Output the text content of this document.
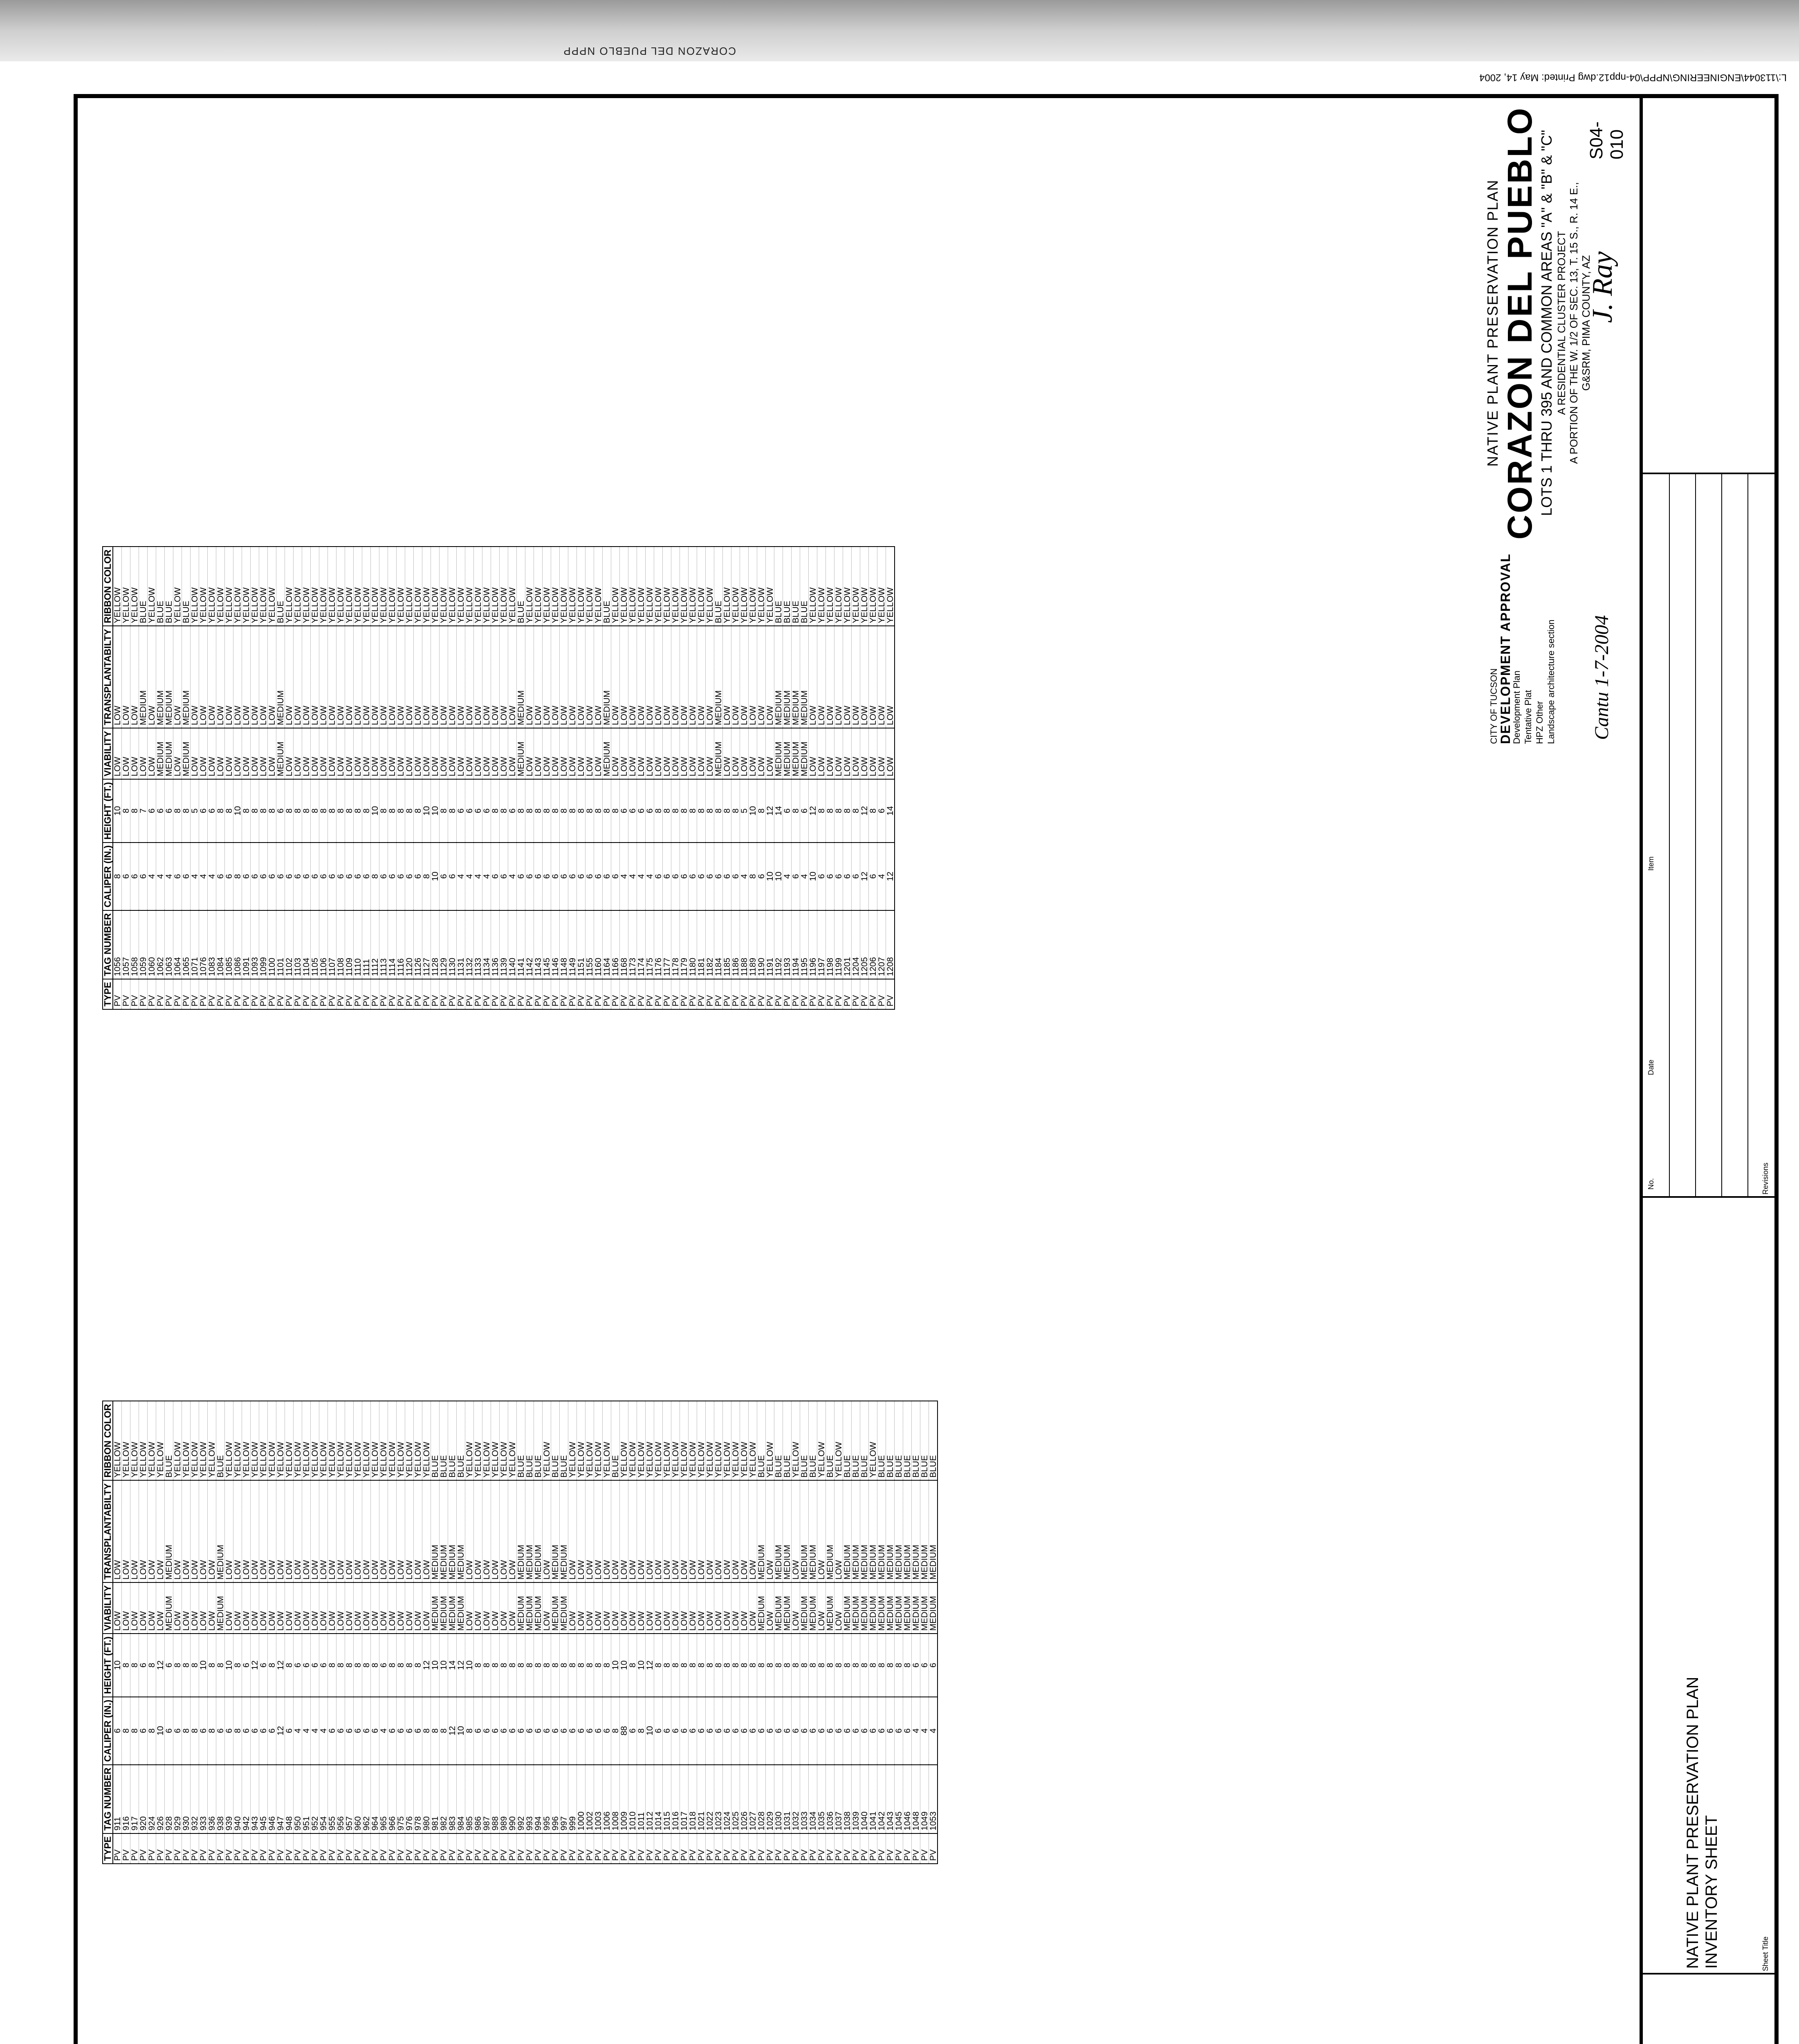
CORAZON DEL PUEBLO NPPP
L:\113044\ENGINEERING\NPPP\04-npp12.dwg Printed: May 14, 2004

TYPE	TAG NUMBER	CALIPER (IN.)	HEIGHT (FT.)	VIABILITY	TRANSPLANTABILTY	RIBBON COLOR
PV	911	6	10	LOW	LOW	YELLOW
PV	916	8	8	LOW	LOW	YELLOW
PV	917	8	8	LOW	LOW	YELLOW
PV	920	6	6	LOW	LOW	YELLOW
PV	924	8	8	LOW	LOW	YELLOW
PV	926	10	12	LOW	LOW	YELLOW
PV	928	6	6	MEDIUM	MEDIUM	BLUE
PV	929	6	8	LOW	LOW	YELLOW
PV	930	8	8	LOW	LOW	YELLOW
PV	932	8	8	LOW	LOW	YELLOW
PV	933	6	10	LOW	LOW	YELLOW
PV	936	8	8	LOW	LOW	YELLOW
PV	938	6	8	MEDIUM	MEDIUM	BLUE
PV	939	6	10	LOW	LOW	YELLOW
PV	940	8	8	LOW	LOW	YELLOW
PV	942	6	6	LOW	LOW	YELLOW
PV	943	6	12	LOW	LOW	YELLOW
PV	945	6	6	LOW	LOW	YELLOW
PV	946	6	8	LOW	LOW	YELLOW
PV	947	12	12	LOW	LOW	YELLOW
PV	948	6	8	LOW	LOW	YELLOW
PV	950	4	6	LOW	LOW	YELLOW
PV	951	4	6	LOW	LOW	YELLOW
PV	952	4	6	LOW	LOW	YELLOW
PV	954	4	6	LOW	LOW	YELLOW
PV	955	6	8	LOW	LOW	YELLOW
PV	956	6	8	LOW	LOW	YELLOW
PV	957	6	8	LOW	LOW	YELLOW
PV	960	6	8	LOW	LOW	YELLOW
PV	962	6	8	LOW	LOW	YELLOW
PV	964	6	8	LOW	LOW	YELLOW
PV	965	4	6	LOW	LOW	YELLOW
PV	966	6	8	LOW	LOW	YELLOW
PV	975	6	8	LOW	LOW	YELLOW
PV	976	6	8	LOW	LOW	YELLOW
PV	978	6	8	LOW	LOW	YELLOW
PV	980	8	12	LOW	LOW	YELLOW
PV	981	8	10	MEDIUM	MEDIUM	BLUE
PV	982	8	10	MEDIUM	MEDIUM	BLUE
PV	983	12	14	MEDIUM	MEDIUM	BLUE
PV	984	10	12	MEDIUM	MEDIUM	BLUE
PV	985	8	10	LOW	LOW	YELLOW
PV	986	6	8	LOW	LOW	YELLOW
PV	987	6	8	LOW	LOW	YELLOW
PV	988	6	8	LOW	LOW	YELLOW
PV	989	6	8	LOW	LOW	YELLOW
PV	990	6	8	LOW	LOW	YELLOW
PV	992	6	8	MEDIUM	MEDIUM	BLUE
PV	993	6	8	MEDIUM	MEDIUM	BLUE
PV	994	6	8	MEDIUM	MEDIUM	BLUE
PV	995	6	8	LOW	LOW	YELLOW
PV	996	6	8	MEDIUM	MEDIUM	BLUE
PV	997	6	8	MEDIUM	MEDIUM	BLUE
PV	999	6	8	LOW	LOW	YELLOW
PV	1000	6	8	LOW	LOW	YELLOW
PV	1002	6	8	LOW	LOW	YELLOW
PV	1003	6	8	LOW	LOW	YELLOW
PV	1006	6	8	LOW	LOW	YELLOW
PV	1008	8	10	LOW	LOW	BLUE
PV	1009	88	10	LOW	LOW	YELLOW
PV	1010	6	8	LOW	LOW	YELLOW
PV	1011	8	10	LOW	LOW	YELLOW
PV	1012	10	12	LOW	LOW	YELLOW
PV	1014	6	8	LOW	LOW	YELLOW
PV	1015	6	8	LOW	LOW	YELLOW
PV	1016	6	8	LOW	LOW	YELLOW
PV	1017	6	8	LOW	LOW	YELLOW
PV	1018	6	8	LOW	LOW	YELLOW
PV	1021	6	8	LOW	LOW	YELLOW
PV	1022	6	8	LOW	LOW	YELLOW
PV	1023	6	8	LOW	LOW	YELLOW
PV	1024	6	8	LOW	LOW	YELLOW
PV	1025	6	8	LOW	LOW	YELLOW
PV	1026	6	8	LOW	LOW	YELLOW
PV	1027	6	8	LOW	LOW	YELLOW
PV	1028	6	8	MEDIUM	MEDIUM	BLUE
PV	1029	6	8	LOW	LOW	YELLOW
PV	1030	6	8	MEDIUM	MEDIUM	BLUE
PV	1031	6	8	MEDIUM	MEDIUM	BLUE
PV	1032	6	8	LOW	LOW	YELLOW
PV	1033	6	8	MEDIUM	MEDIUM	BLUE
PV	1034	6	8	MEDIUM	MEDIUM	BLUE
PV	1035	6	8	LOW	LOW	YELLOW
PV	1036	6	8	MEDIUM	MEDIUM	BLUE
PV	1037	6	8	LOW	LOW	YELLOW
PV	1038	6	8	MEDIUM	MEDIUM	BLUE
PV	1039	6	8	MEDIUM	MEDIUM	BLUE
PV	1040	6	8	MEDIUM	MEDIUM	BLUE
PV	1041	6	8	MEDIUM	MEDIUM	YELLOW
PV	1042	6	8	MEDIUM	MEDIUM	BLUE
PV	1043	6	8	MEDIUM	MEDIUM	BLUE
PV	1045	6	8	MEDIUM	MEDIUM	BLUE
PV	1046	6	8	MEDIUM	MEDIUM	BLUE
PV	1048	4	6	MEDIUM	MEDIUM	BLUE
PV	1049	4	6	MEDIUM	MEDIUM	BLUE
PV	1053	4	6	MEDIUM	MEDIUM	BLUE
TYPE	TAG NUMBER	CALIPER (IN.)	HEIGHT (FT.)	VIABILITY	TRANSPLANTABILTY	RIBBON COLOR
PV	1056	8	10	LOW	LOW	YELLOW
PV	1057	6	8	LOW	LOW	YELLOW
PV	1058	6	8	LOW	LOW	YELLOW
PV	1059	6	7	LOW	MEDIUM	BLUE
PV	1060	4	6	LOW	LOW	YELLOW
PV	1062	4	6	MEDIUM	MEDIUM	BLUE
PV	1063	4	6	MEDIUM	MEDIUM	BLUE
PV	1064	6	8	LOW	LOW	YELLOW
PV	1065	6	8	MEDIUM	MEDIUM	BLUE
PV	1071	4	5	LOW	LOW	YELLOW
PV	1076	4	6	LOW	LOW	YELLOW
PV	1083	4	6	LOW	LOW	YELLOW
PV	1084	6	8	LOW	LOW	YELLOW
PV	1085	6	8	LOW	LOW	YELLOW
PV	1086	8	10	LOW	LOW	YELLOW
PV	1091	6	8	LOW	LOW	YELLOW
PV	1093	6	8	LOW	LOW	YELLOW
PV	1099	6	8	LOW	LOW	YELLOW
PV	1100	6	8	LOW	LOW	YELLOW
PV	1101	6	6	MEDIUM	MEDIUM	BLUE
PV	1102	6	8	LOW	LOW	YELLOW
PV	1103	6	8	LOW	LOW	YELLOW
PV	1104	6	8	LOW	LOW	YELLOW
PV	1105	6	8	LOW	LOW	YELLOW
PV	1106	6	8	LOW	LOW	YELLOW
PV	1107	6	8	LOW	LOW	YELLOW
PV	1108	6	8	LOW	LOW	YELLOW
PV	1109	6	8	LOW	LOW	YELLOW
PV	1110	6	8	LOW	LOW	YELLOW
PV	1111	6	8	LOW	LOW	YELLOW
PV	1112	8	10	LOW	LOW	YELLOW
PV	1113	6	8	LOW	LOW	YELLOW
PV	1114	6	8	LOW	LOW	YELLOW
PV	1116	6	8	LOW	LOW	YELLOW
PV	1120	6	8	LOW	LOW	YELLOW
PV	1126	6	8	LOW	LOW	YELLOW
PV	1127	8	10	LOW	LOW	YELLOW
PV	1128	10	10	LOW	LOW	YELLOW
PV	1129	6	8	LOW	LOW	YELLOW
PV	1130	6	8	LOW	LOW	YELLOW
PV	1131	4	6	LOW	LOW	YELLOW
PV	1132	4	6	LOW	LOW	YELLOW
PV	1133	4	6	LOW	LOW	YELLOW
PV	1134	4	6	LOW	LOW	YELLOW
PV	1136	6	8	LOW	LOW	YELLOW
PV	1139	6	8	LOW	LOW	YELLOW
PV	1140	4	6	LOW	LOW	YELLOW
PV	1141	6	8	MEDIUM	MEDIUM	BLUE
PV	1142	6	8	LOW	LOW	YELLOW
PV	1143	6	8	LOW	LOW	YELLOW
PV	1145	6	8	LOW	LOW	YELLOW
PV	1146	6	8	LOW	LOW	YELLOW
PV	1148	6	8	LOW	LOW	YELLOW
PV	1149	6	8	LOW	LOW	YELLOW
PV	1151	6	8	LOW	LOW	YELLOW
PV	1155	6	8	LOW	LOW	YELLOW
PV	1160	6	8	LOW	LOW	YELLOW
PV	1164	6	8	MEDIUM	MEDIUM	BLUE
PV	1166	6	8	LOW	LOW	YELLOW
PV	1168	4	6	LOW	LOW	YELLOW
PV	1173	4	6	LOW	LOW	YELLOW
PV	1174	4	6	LOW	LOW	YELLOW
PV	1175	4	6	LOW	LOW	YELLOW
PV	1176	6	8	LOW	LOW	YELLOW
PV	1177	6	8	LOW	LOW	YELLOW
PV	1178	6	8	LOW	LOW	YELLOW
PV	1179	6	8	LOW	LOW	YELLOW
PV	1180	6	8	LOW	LOW	YELLOW
PV	1181	6	8	LOW	LOW	YELLOW
PV	1182	6	8	LOW	LOW	YELLOW
PV	1184	6	8	MEDIUM	MEDIUM	BLUE
PV	1185	6	8	LOW	LOW	YELLOW
PV	1186	6	8	LOW	LOW	YELLOW
PV	1188	4	5	LOW	LOW	YELLOW
PV	1189	8	10	LOW	LOW	YELLOW
PV	1190	6	8	LOW	LOW	YELLOW
PV	1191	10	12	LOW	LOW	YELLOW
PV	1192	10	14	MEDIUM	MEDIUM	BLUE
PV	1193	4	6	MEDIUM	MEDIUM	BLUE
PV	1194	6	8	MEDIUM	MEDIUM	BLUE
PV	1195	4	6	MEDIUM	MEDIUM	BLUE
PV	1196	10	12	LOW	LOW	YELLOW
PV	1197	6	8	LOW	LOW	YELLOW
PV	1198	6	8	LOW	LOW	YELLOW
PV	1199	6	8	LOW	LOW	YELLOW
PV	1201	6	8	LOW	LOW	YELLOW
PV	1204	6	8	LOW	LOW	YELLOW
PV	1205	12	12	LOW	LOW	YELLOW
PV	1206	6	8	LOW	LOW	YELLOW
PV	1207	4	6	LOW	LOW	YELLOW
PV	1208	12	14	LOW	LOW	YELLOW
CITY OF TUCSON
DEVELOPMENT APPROVAL
Development Plan Tentative Plat HPZ Other Landscape architecture section Cantu 1-7-2004
NATIVE PLANT PRESERVATION PLAN CORAZON DEL PUEBLO
LOTS 1 THRU 395 AND COMMON AREAS "A" & "B" & "C" A RESIDENTIAL CLUSTER PROJECT A PORTION OF THE W. 1/2 OF SEC. 13, T. 15 S., R. 14 E., G&SRM, PIMA COUNTY, AZ
Sheet Title
NATIVE PLANT PRESERVATION PLAN INVENTORY SHEET
No.
Date
Item
Revisions
S04-010
J. Ray
